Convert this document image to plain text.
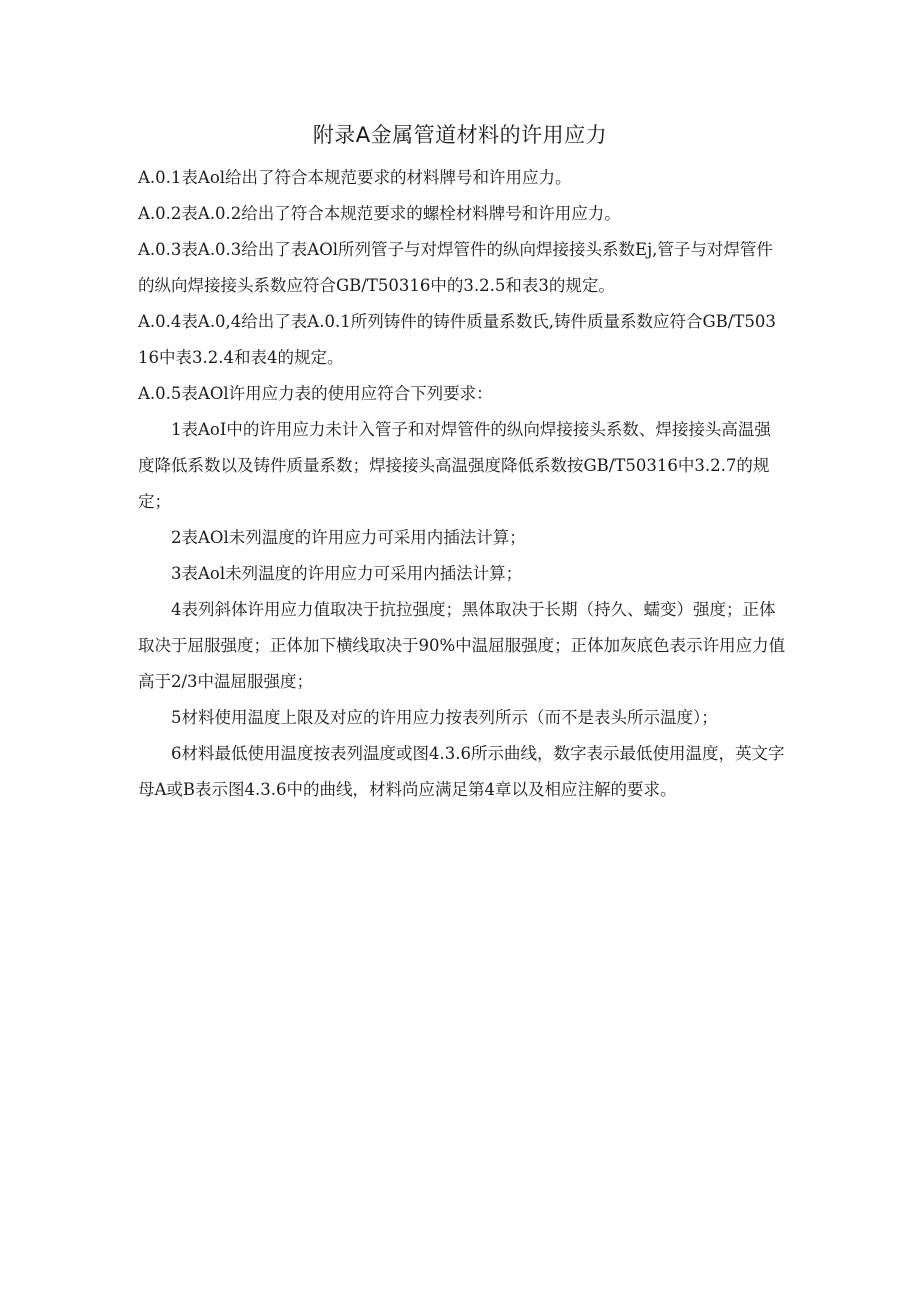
附录A金属管道材料的许用应力

A.0.1表Aol给出了符合本规范要求的材料牌号和许用应力。

A.0.2表A.0.2给出了符合本规范要求的螺栓材料牌号和许用应力。

A.0.3表A.0.3给出了表AOl所列管子与对焊管件的纵向焊接接头系数Ej,管子与对焊管件的纵向焊接接头系数应符合GB/T50316中的3.2.5和表3的规定。

A.0.4表A.0,4给出了表A.0.1所列铸件的铸件质量系数氏,铸件质量系数应符合GB/T50316中表3.2.4和表4的规定。

A.0.5表AOl许用应力表的使用应符合下列要求：

1表AoI中的许用应力未计入管子和对焊管件的纵向焊接接头系数、焊接接头高温强度降低系数以及铸件质量系数；焊接接头高温强度降低系数按GB/T50316中3.2.7的规定；

2表AOl未列温度的许用应力可采用内插法计算；

3表Aol未列温度的许用应力可采用内插法计算；

4表列斜体许用应力值取决于抗拉强度；黑体取决于长期（持久、蠕变）强度；正体取决于屈服强度；正体加下横线取决于90%中温屈服强度；正体加灰底色表示许用应力值高于2/3中温屈服强度；

5材料使用温度上限及对应的许用应力按表列所示（而不是表头所示温度）；

6材料最低使用温度按表列温度或图4.3.6所示曲线，数字表示最低使用温度，英文字母A或B表示图4.3.6中的曲线，材料尚应满足第4章以及相应注解的要求。
